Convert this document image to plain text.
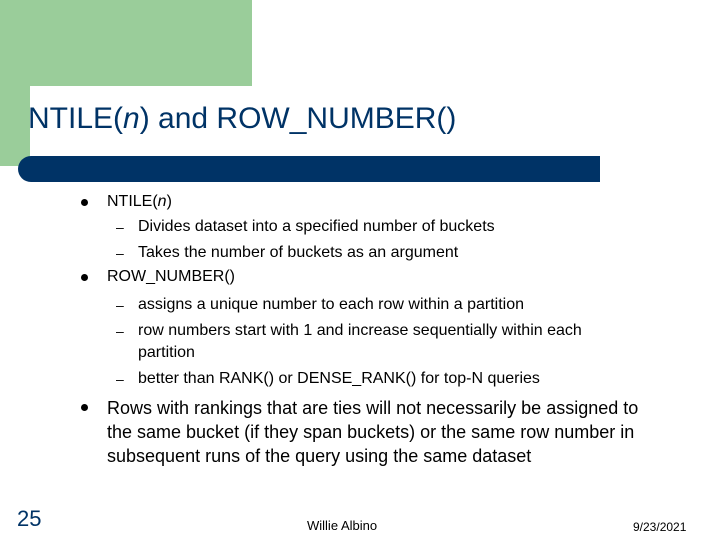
NTILE(n) and ROW_NUMBER()
NTILE(n)
– Divides dataset into a specified number of buckets
– Takes the number of buckets as an argument
ROW_NUMBER()
– assigns a unique number to each row within a partition
– row numbers start with 1 and increase sequentially within each
partition
– better than RANK() or DENSE_RANK() for top-N queries
Rows with rankings that are ties will not necessarily be assigned to
the same bucket (if they span buckets) or the same row number in
subsequent runs of the query using the same dataset
25	Willie Albino	9/23/2021
